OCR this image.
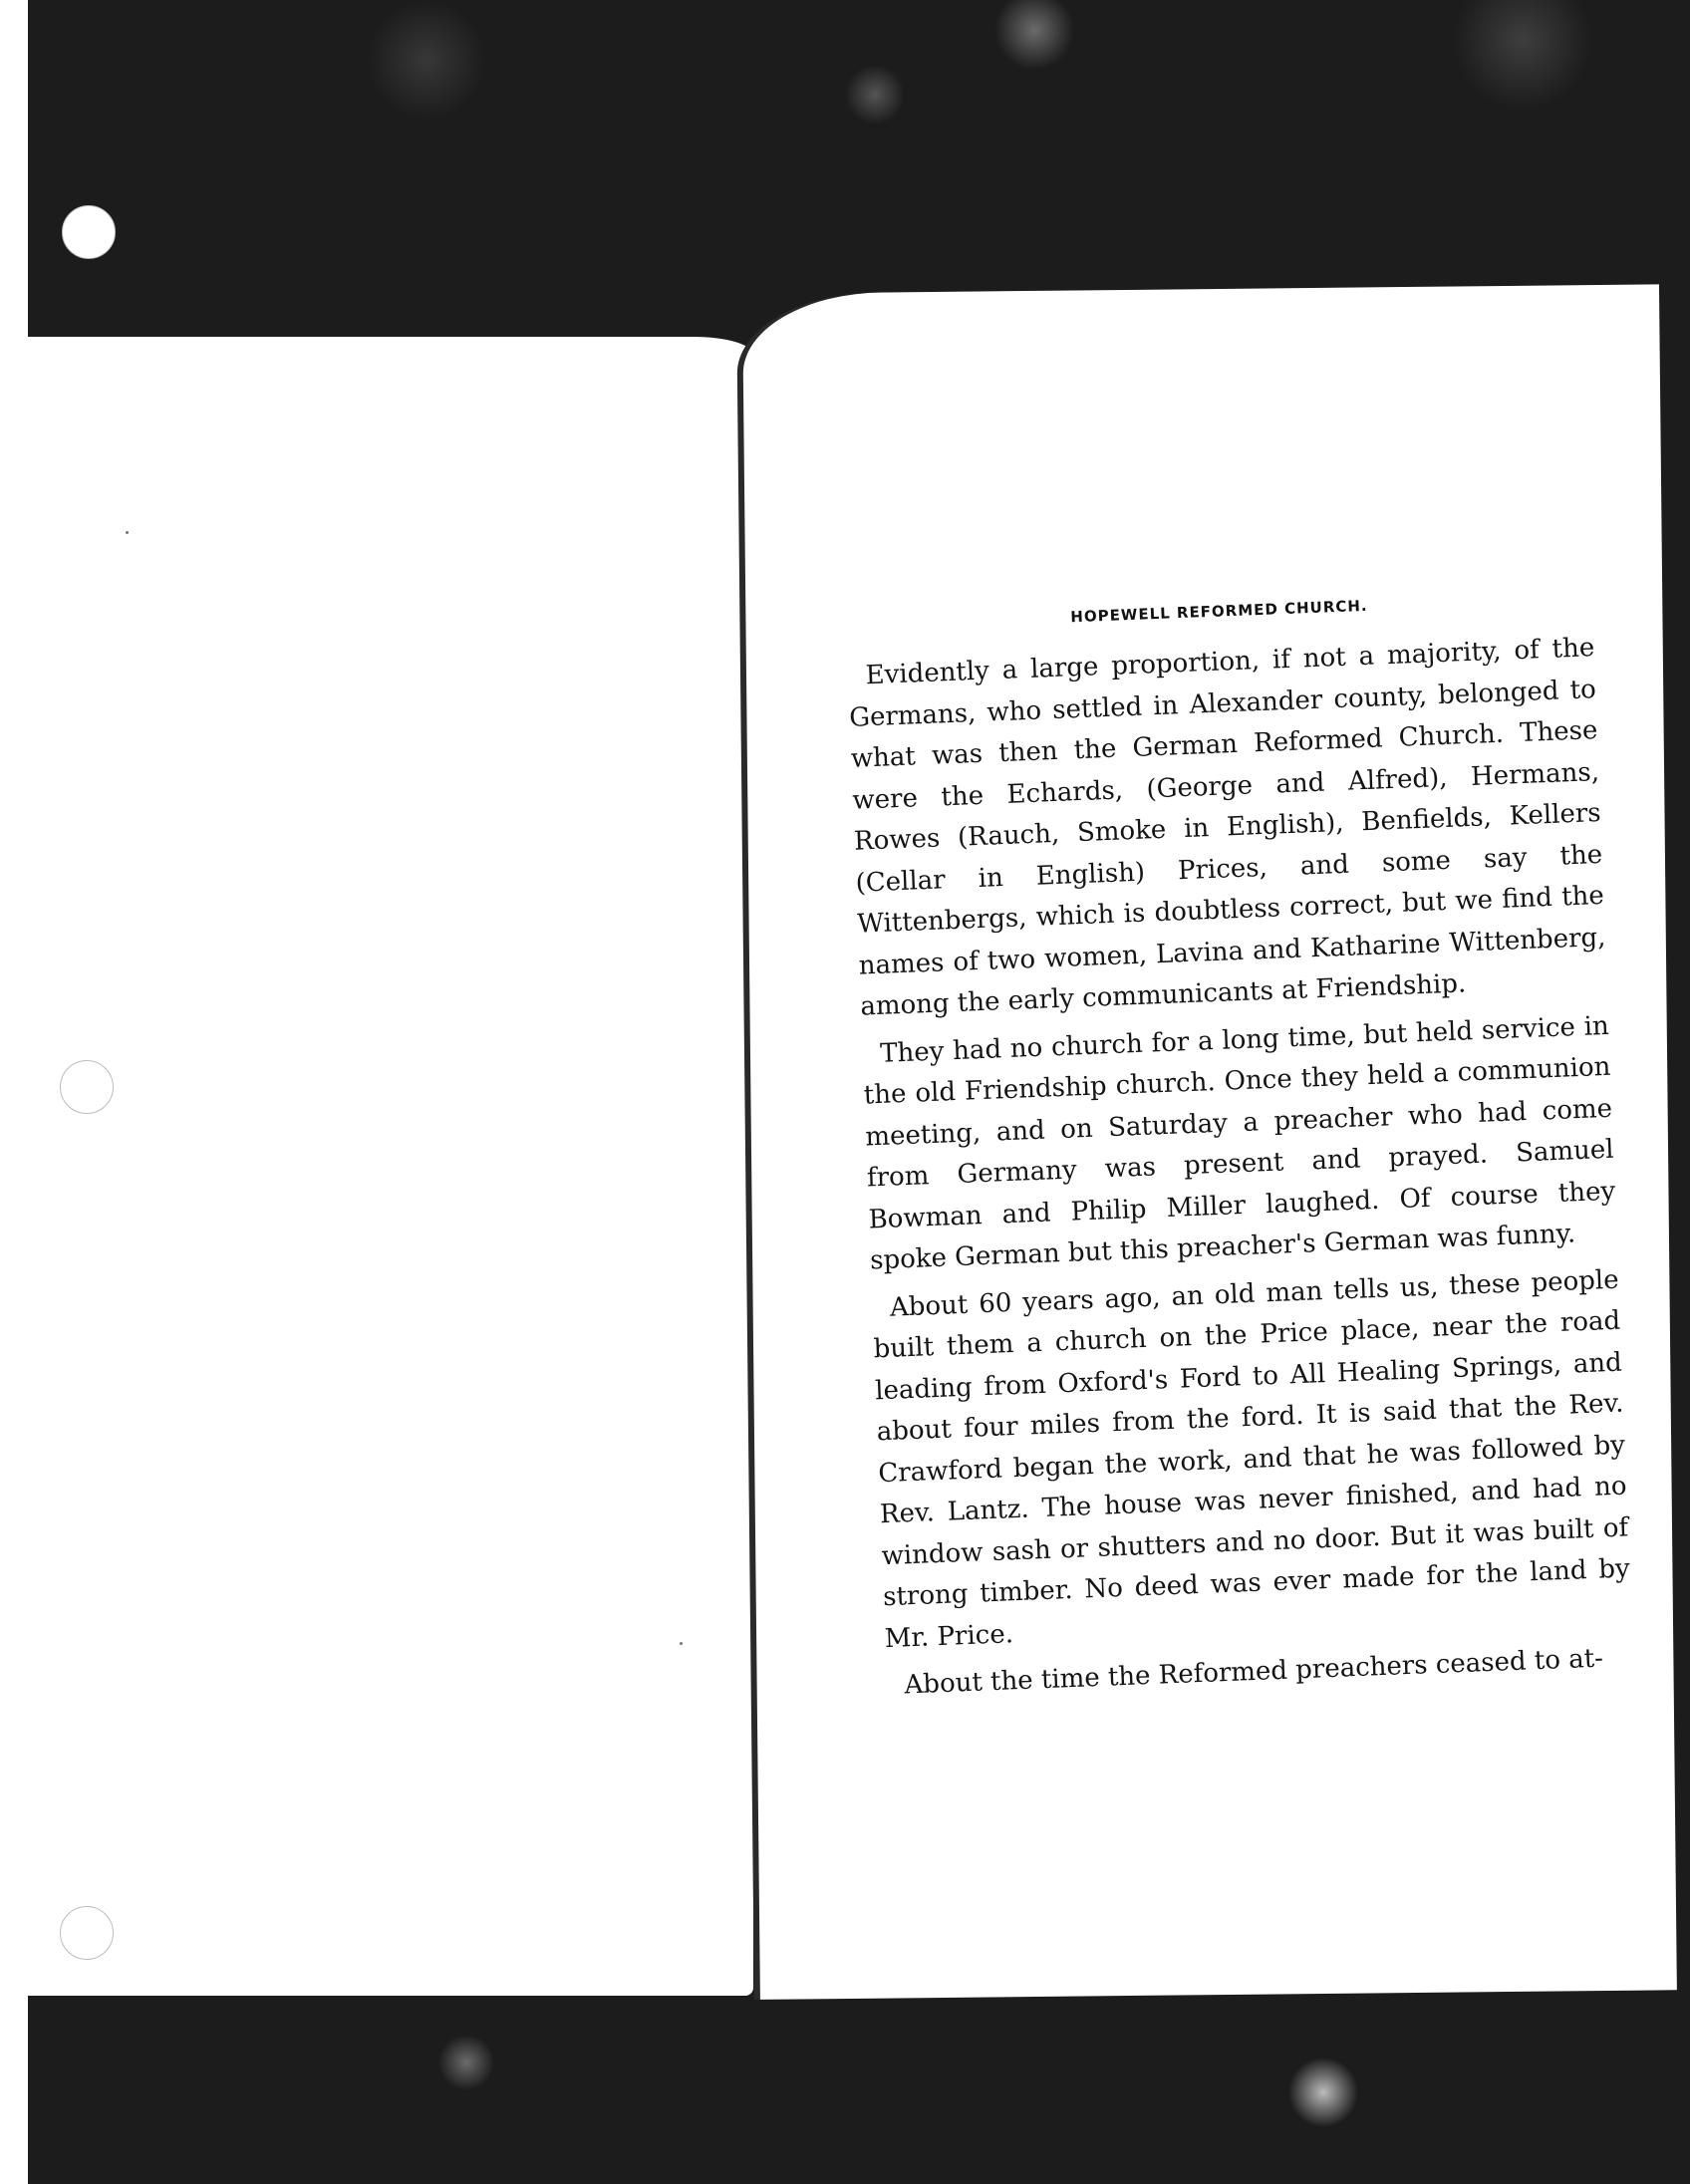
HOPEWELL REFORMED CHURCH.

Evidently a large proportion, if not a majority, of the Germans, who settled in Alexander county, belonged to what was then the German Reformed Church. These were the Echards, (George and Alfred), Hermans, Rowes (Rauch, Smoke in English), Benfields, Kellers (Cellar in English) Prices, and some say the Wittenbergs, which is doubtless correct, but we find the names of two women, Lavina and Katharine Wittenberg, among the early communicants at Friendship.

They had no church for a long time, but held service in the old Friendship church. Once they held a communion meeting, and on Saturday a preacher who had come from Germany was present and prayed. Samuel Bowman and Philip Miller laughed. Of course they spoke German but this preacher's German was funny.

About 60 years ago, an old man tells us, these people built them a church on the Price place, near the road leading from Oxford's Ford to All Healing Springs, and about four miles from the ford. It is said that the Rev. Crawford began the work, and that he was followed by Rev. Lantz. The house was never finished, and had no window sash or shutters and no door. But it was built of strong timber. No deed was ever made for the land by Mr. Price.

About the time the Reformed preachers ceased to at-
